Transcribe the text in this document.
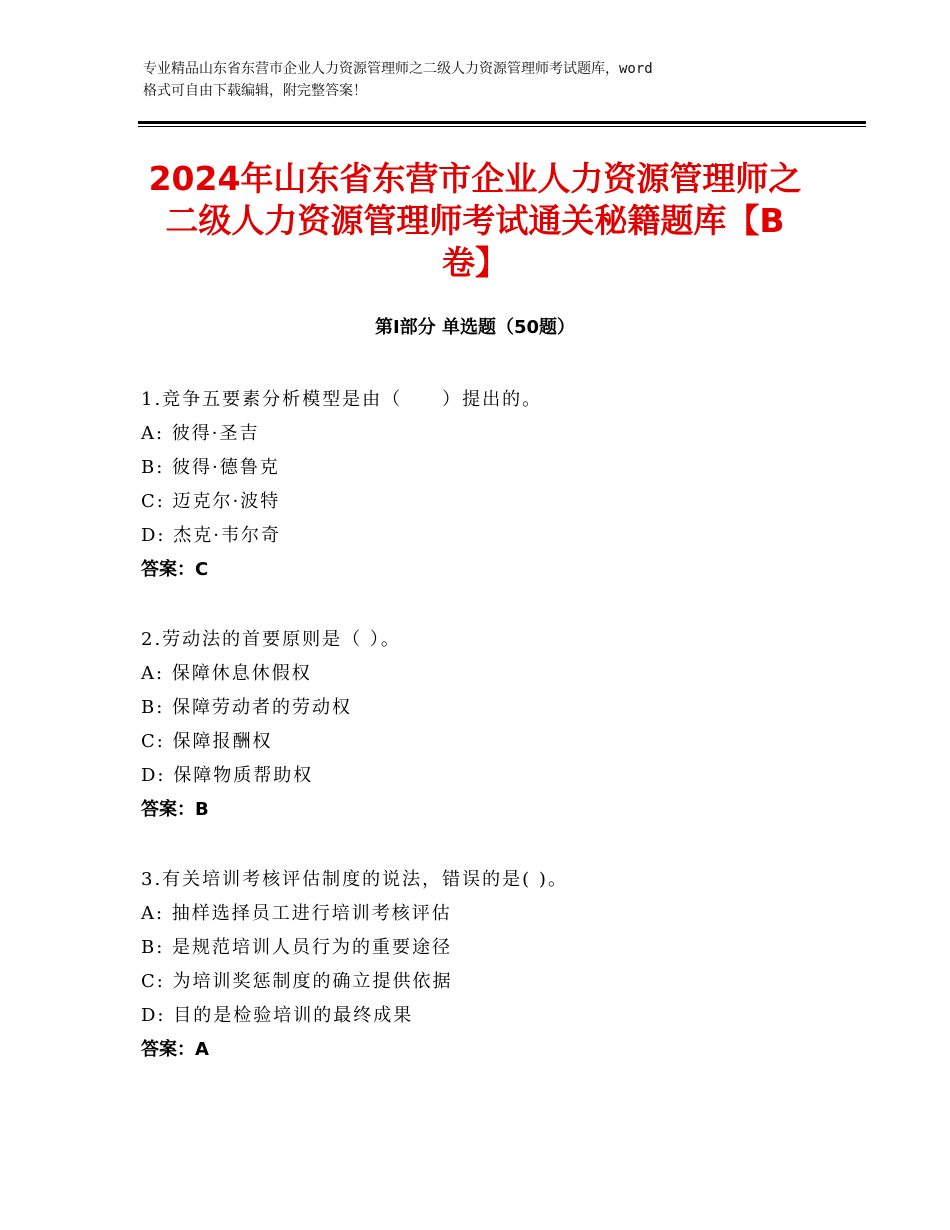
专业精品山东省东营市企业人力资源管理师之二级人力资源管理师考试题库，word
格式可自由下载编辑，附完整答案！
2024年山东省东营市企业人力资源管理师之
二级人力资源管理师考试通关秘籍题库【B
卷】
第Ⅰ部分 单选题（50题）
1.竞争五要素分析模型是由（　　）提出的。
A: 彼得·圣吉
B: 彼得·德鲁克
C: 迈克尔·波特
D: 杰克·韦尔奇
答案：C
2.劳动法的首要原则是（ ）。
A: 保障休息休假权
B: 保障劳动者的劳动权
C: 保障报酬权
D: 保障物质帮助权
答案：B
3.有关培训考核评估制度的说法，错误的是( )。
A: 抽样选择员工进行培训考核评估
B: 是规范培训人员行为的重要途径
C: 为培训奖惩制度的确立提供依据
D: 目的是检验培训的最终成果
答案：A
